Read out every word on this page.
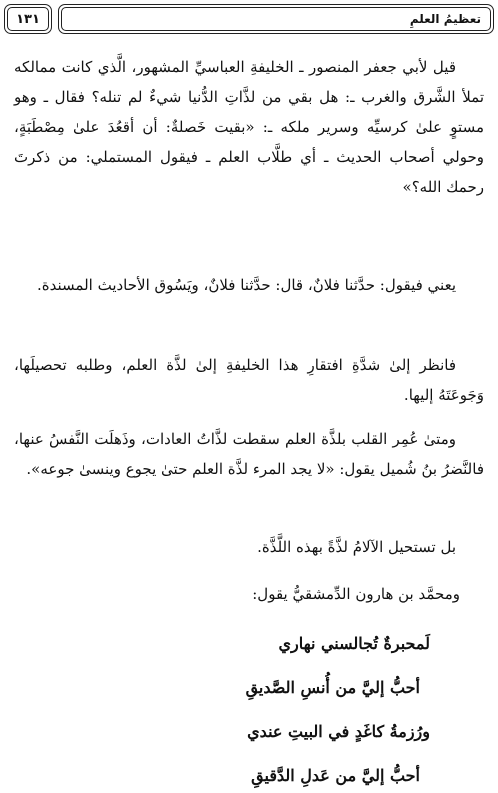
تعظيمُ العلمِ
١٣١

قيل لأبي جعفر المنصور ـ الخليفةِ العباسيِّ المشهور، الَّذي كانت ممالكه تملأ الشَّرق والغرب ـ: هل بقي من لذَّاتِ الدُّنيا شيءٌ لم تنله؟ فقال ـ وهو مستوٍ علىٰ كرسيِّه وسرير ملكه ـ: «بقيت خَصلةٌ: أن أقعُدَ علىٰ مِصْطَبَةٍ، وحولي أصحاب الحديث ـ أي طلَّاب العلم ـ فيقول المستملي: من ذكرتَ رحمك الله؟»

يعني فيقول: حدَّثنا فلانٌ، قال: حدَّثنا فلانٌ، ويَسُوق الأحاديث المسندة.

فانظر إلىٰ شدَّةِ افتقارِ هذا الخليفةِ إلىٰ لذَّة العلم، وطلبه تحصيلَها، وَجَوعَتَهُ إليها.

ومتىٰ عُمِر القلب بلذَّة العلم سقطت لذَّاتُ العادات، وذَهلَت النَّفسُ عنها، فالنَّضرُ بنُ شُميل يقول: «لا يجد المرء لذَّة العلم حتىٰ يجوع وينسىٰ جوعه».

بل تستحيل الآلامُ لذَّةً بهذه اللَّذَّة.

ومحمَّد بن هارون الدِّمشقيُّ يقول:

لَمحبرةٌ تُجالسني نهاري

أحبُّ إليَّ من أُنسِ الصَّديقِ

ورُزمةُ كاغَدٍ في البيتِ عندي

أحبُّ إليَّ من عَدلِ الدَّقيقِ
